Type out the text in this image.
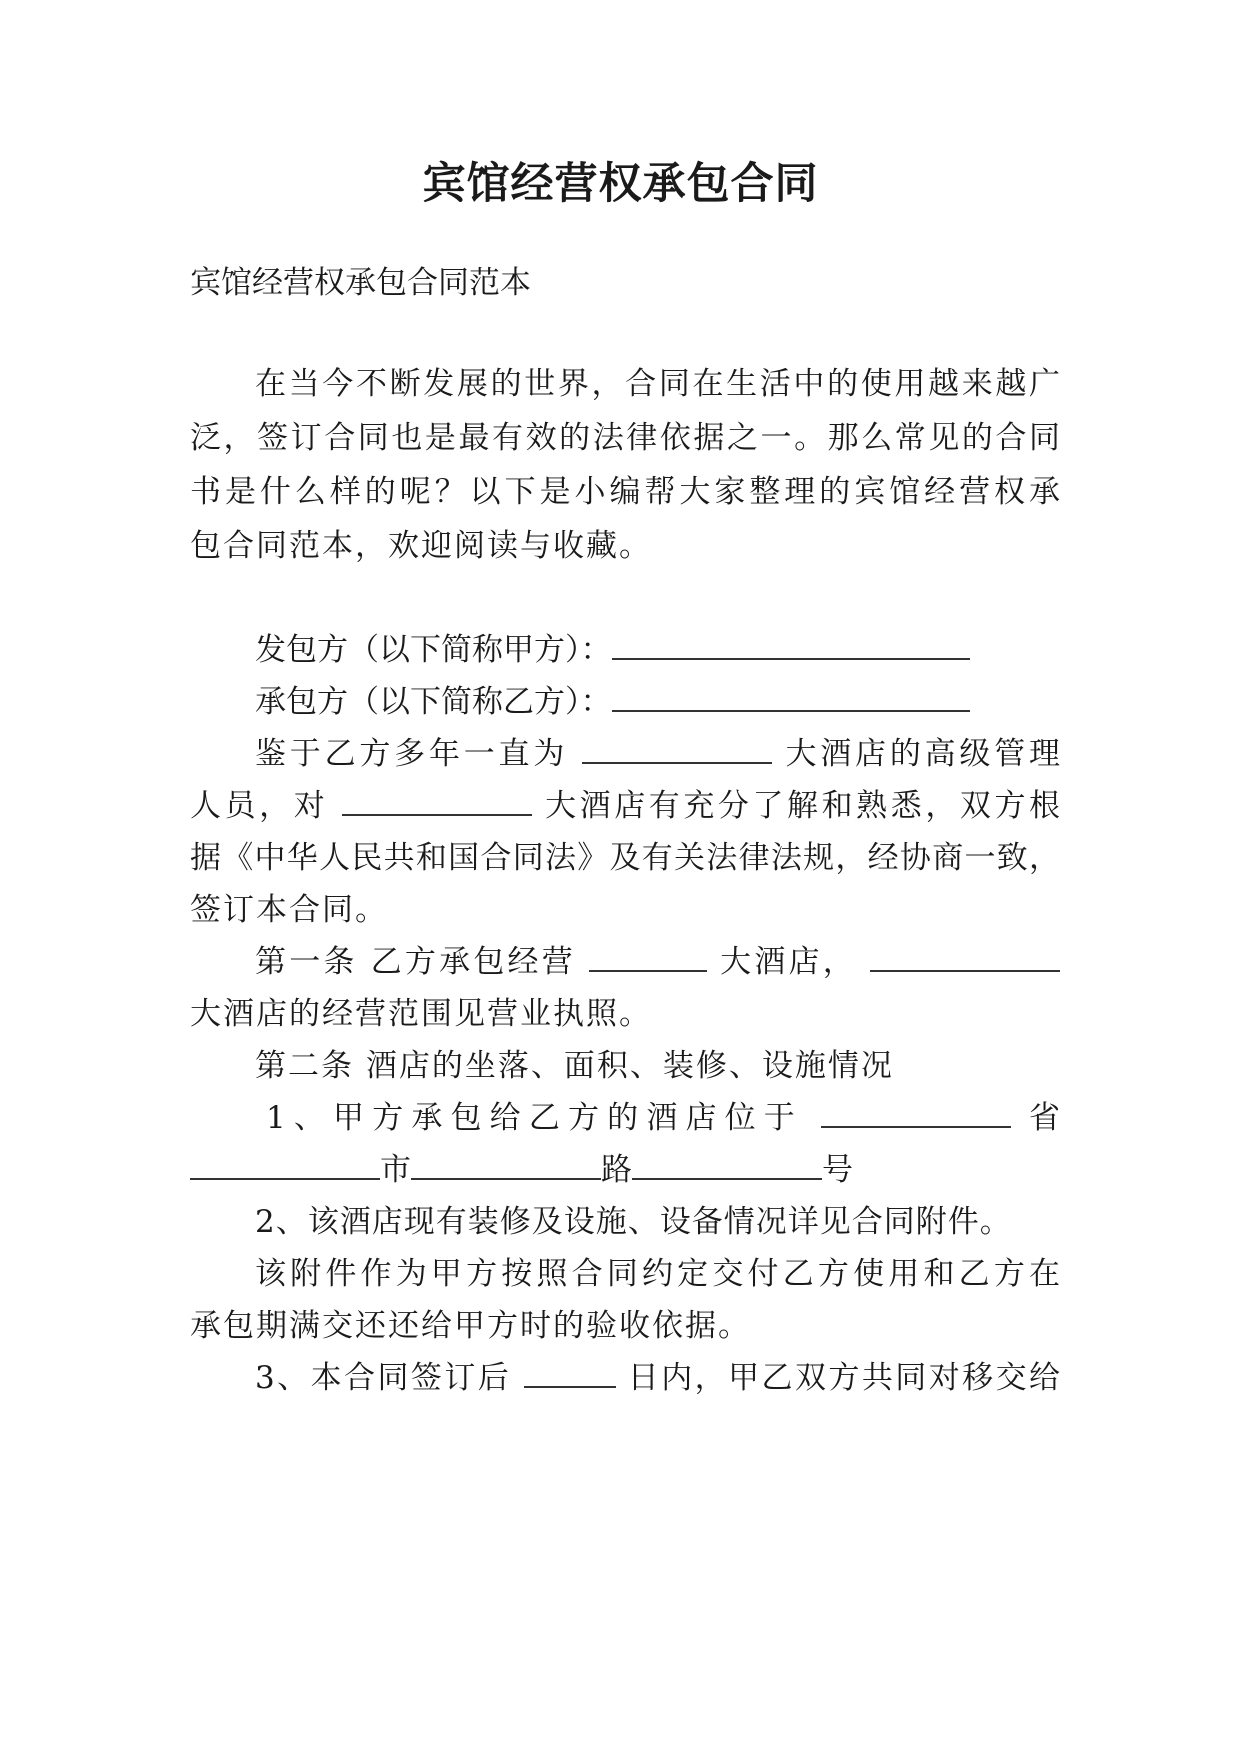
宾馆经营权承包合同
宾馆经营权承包合同范本
在当今不断发展的世界，合同在生活中的使用越来越广
泛，签订合同也是最有效的法律依据之一。那么常见的合同
书是什么样的呢？以下是小编帮大家整理的宾馆经营权承
包合同范本，欢迎阅读与收藏。
发包方（以下简称甲方）：
承包方（以下简称乙方）：
鉴于乙方多年一直为	大酒店的高级管理
人员，对	大酒店有充分了解和熟悉，双方根
据《中华人民共和国合同法》及有关法律法规，经协商一致，
签订本合同。
第一条 乙方承包经营	大酒店，
大酒店的经营范围见营业执照。
第二条 酒店的坐落、面积、装修、设施情况
1、甲方承包给乙方的酒店位于	省
市	路	号
2、该酒店现有装修及设施、设备情况详见合同附件。
该附件作为甲方按照合同约定交付乙方使用和乙方在
承包期满交还还给甲方时的验收依据。
3、本合同签订后	日内，甲乙双方共同对移交给
